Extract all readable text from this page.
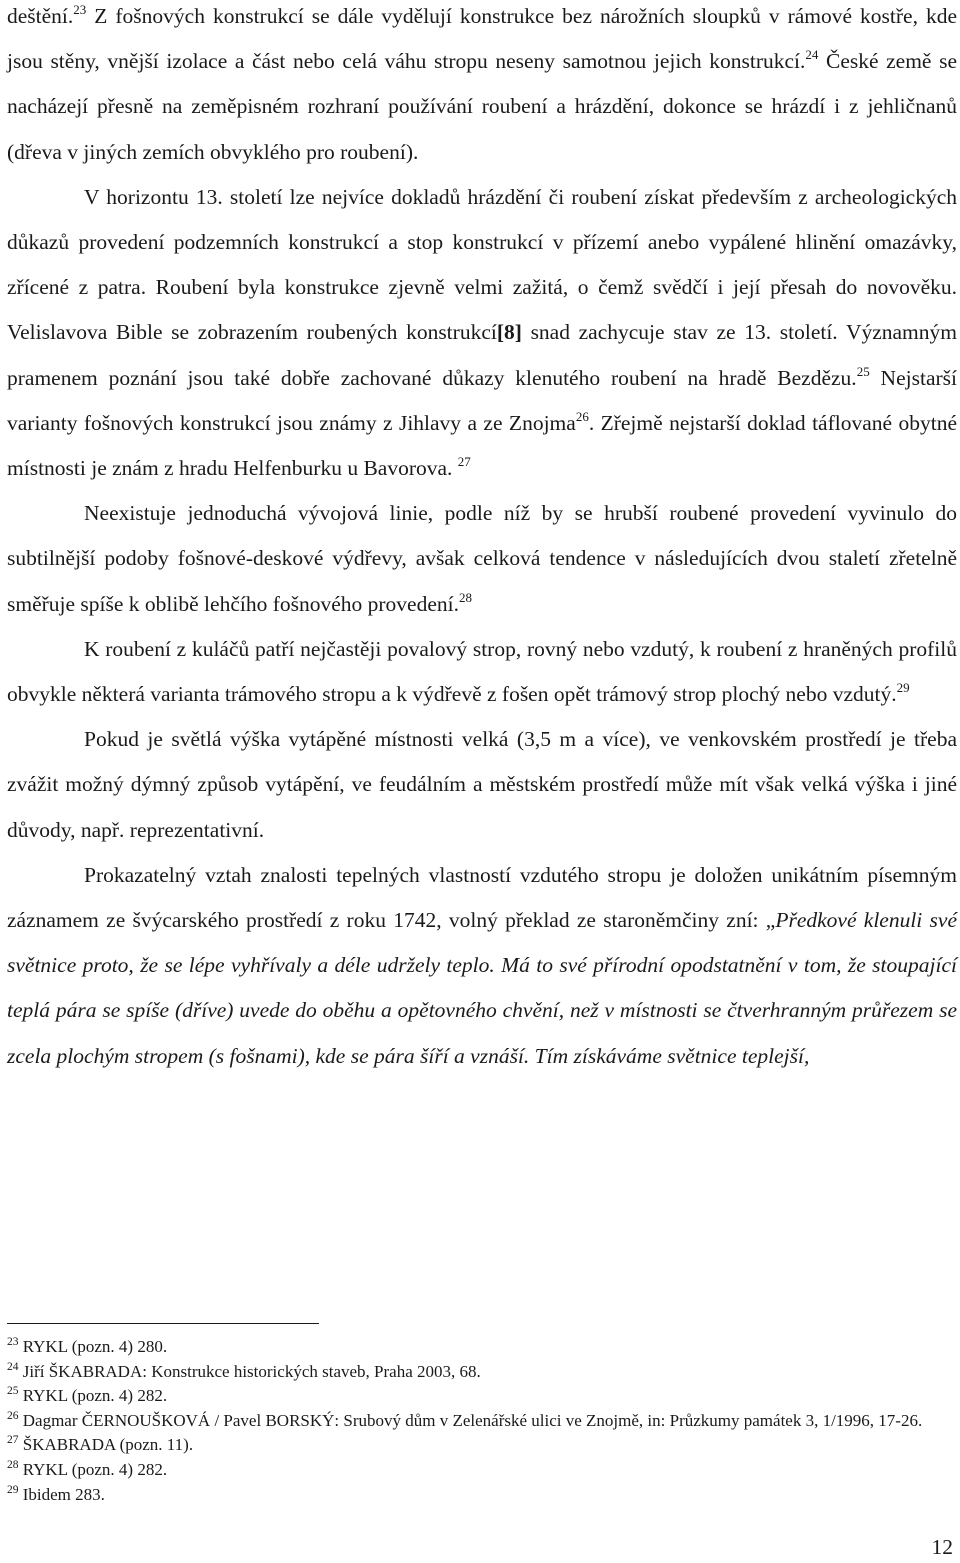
deštění.$^{23}$ Z fošnových konstrukcí se dále vydělují konstrukce bez nárožních sloupků v rámové kostře, kde jsou stěny, vnější izolace a část nebo celá váhu stropu neseny samotnou jejich konstrukcí.$^{24}$ České země se nacházejí přesně na zeměpisném rozhraní používání roubení a hrázdění, dokonce se hrázdí i z jehličnanů (dřeva v jiných zemích obvyklého pro roubení).

V horizontu 13. století lze nejvíce dokladů hrázdění či roubení získat především z archeologických důkazů provedení podzemních konstrukcí a stop konstrukcí v přízemí anebo vypálené hlinění omazávky, zřícené z patra. Roubení byla konstrukce zjevně velmi zažitá, o čemž svědčí i její přesah do novověku. Velislavova Bible se zobrazením roubených konstrukcí[8] snad zachycuje stav ze 13. století. Významným pramenem poznání jsou také dobře zachované důkazy klenutého roubení na hradě Bezdězu.$^{25}$ Nejstarší varianty fošnových konstrukcí jsou známy z Jihlavy a ze Znojma$^{26}$. Zřejmě nejstarší doklad táflované obytné místnosti je znám z hradu Helfenburku u Bavorova. $^{27}$

Neexistuje jednoduchá vývojová linie, podle níž by se hrubší roubené provedení vyvinulo do subtilnější podoby fošnové-deskové výdřevy, avšak celková tendence v následujících dvou staletí zřetelně směřuje spíše k oblibě lehčího fošnového provedení.$^{28}$

K roubení z kuláčů patří nejčastěji povalový strop, rovný nebo vzdutý, k roubení z hraněných profilů obvykle některá varianta trámového stropu a k výdřevě z fošen opět trámový strop plochý nebo vzdutý.$^{29}$

Pokud je světlá výška vytápěné místnosti velká (3,5 m a více), ve venkovském prostředí je třeba zvážit možný dýmný způsob vytápění, ve feudálním a městském prostředí může mít však velká výška i jiné důvody, např. reprezentativní.

Prokazatelný vztah znalosti tepelných vlastností vzdutého stropu je doložen unikátním písemným záznamem ze švýcarského prostředí z roku 1742, volný překlad ze staroněmčiny zní: „Předkové klenuli své světnice proto, že se lépe vyhřívaly a déle udržely teplo. Má to své přírodní opodstatnění v tom, že stoupající teplá pára se spíše (dříve) uvede do oběhu a opětovného chvění, než v místnosti se čtverhranným průřezem se zcela plochým stropem (s fošnami), kde se pára šíří a vznáší. Tím získáváme světnice teplejší,

$^{23}$ RYKL (pozn. 4) 280.

$^{24}$ Jiří ŠKABRADA: Konstrukce historických staveb, Praha 2003, 68.

$^{25}$ RYKL (pozn. 4) 282.

$^{26}$ Dagmar ČERNOUŠKOVÁ / Pavel BORSKÝ: Srubový dům v Zelenářské ulici ve Znojmě, in: Průzkumy památek 3, 1/1996, 17-26.

$^{27}$ ŠKABRADA (pozn. 11).

$^{28}$ RYKL (pozn. 4) 282.

$^{29}$ Ibidem 283.

12
